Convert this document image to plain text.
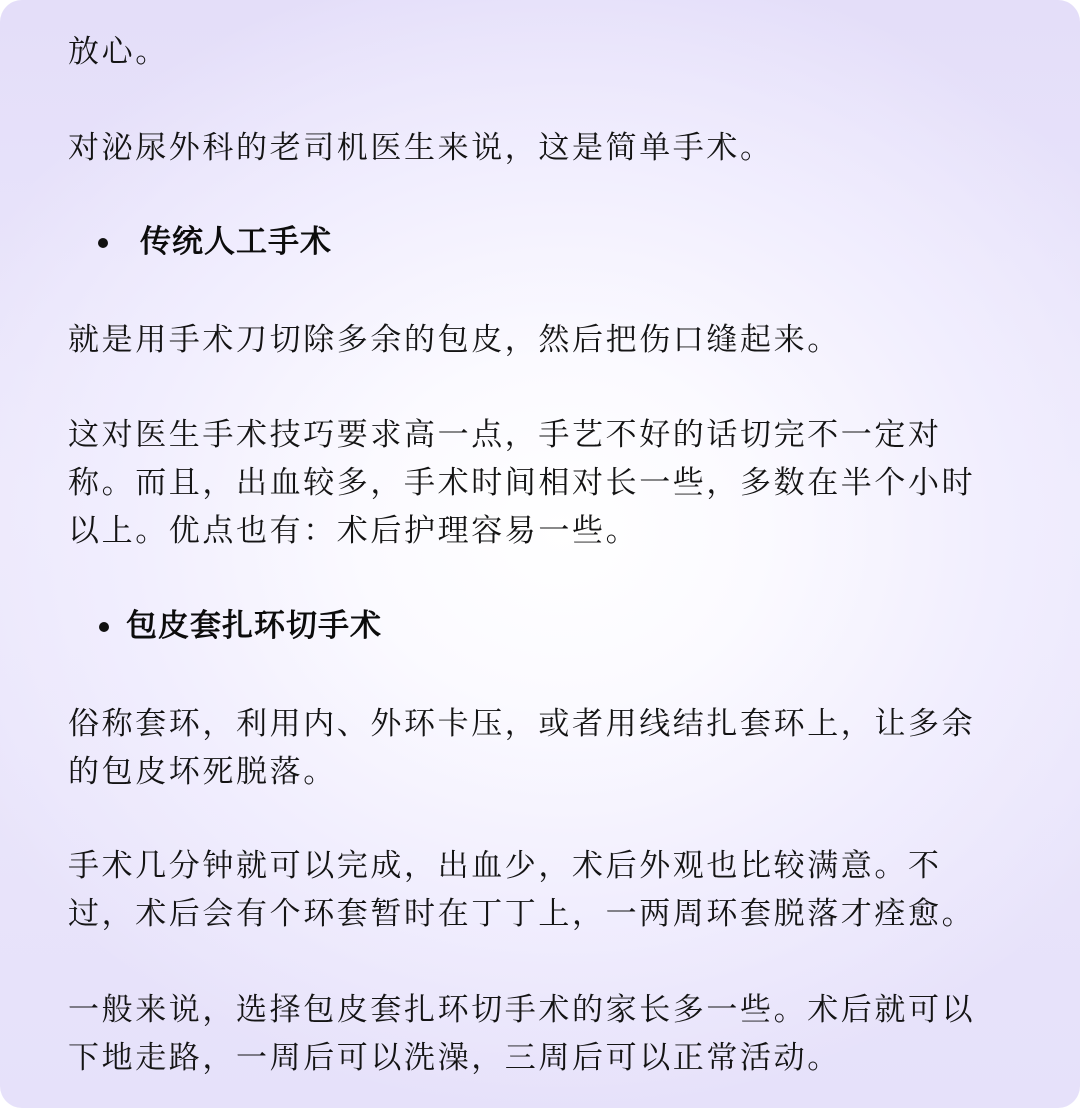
放心。
对泌尿外科的老司机医生来说，这是简单手术。
传统人工手术
就是用手术刀切除多余的包皮，然后把伤口缝起来。
这对医生手术技巧要求高一点，手艺不好的话切完不一定对
称。而且，出血较多，手术时间相对长一些，多数在半个小时
以上。优点也有：术后护理容易一些。
包皮套扎环切手术
俗称套环，利用内、外环卡压，或者用线结扎套环上，让多余
的包皮坏死脱落。
手术几分钟就可以完成，出血少，术后外观也比较满意。不
过，术后会有个环套暂时在丁丁上，一两周环套脱落才痊愈。
一般来说，选择包皮套扎环切手术的家长多一些。术后就可以
下地走路，一周后可以洗澡，三周后可以正常活动。
